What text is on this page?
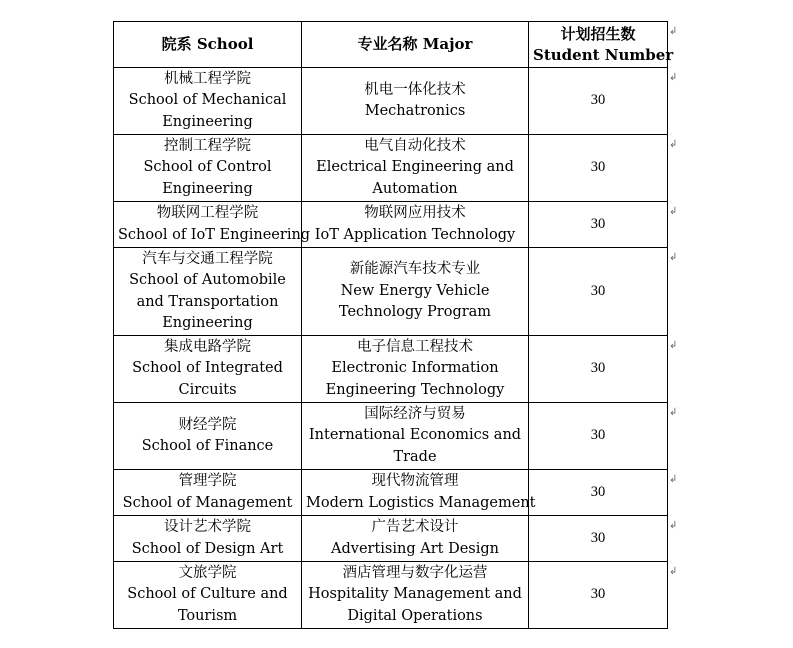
院系 School	专业名称 Major	计划招生数
Student Number

机械工程学院
School of Mechanical Engineering	机电一体化技术
Mechatronics	30

控制工程学院
School of Control Engineering	电气自动化技术
Electrical Engineering and Automation	30

物联网工程学院
School of IoT Engineering	物联网应用技术
IoT Application Technology	30

汽车与交通工程学院
School of Automobile and Transportation Engineering	新能源汽车技术专业
New Energy Vehicle Technology Program	30

集成电路学院
School of Integrated Circuits	电子信息工程技术
Electronic Information Engineering Technology	30

财经学院
School of Finance	国际经济与贸易
International Economics and Trade	30

管理学院
School of Management	现代物流管理
Modern Logistics Management	30

设计艺术学院
School of Design Art	广告艺术设计
Advertising Art Design	30

文旅学院
School of Culture and Tourism	酒店管理与数字化运营
Hospitality Management and Digital Operations	30
↲
↲
↲
↲
↲
↲
↲
↲
↲
↲
